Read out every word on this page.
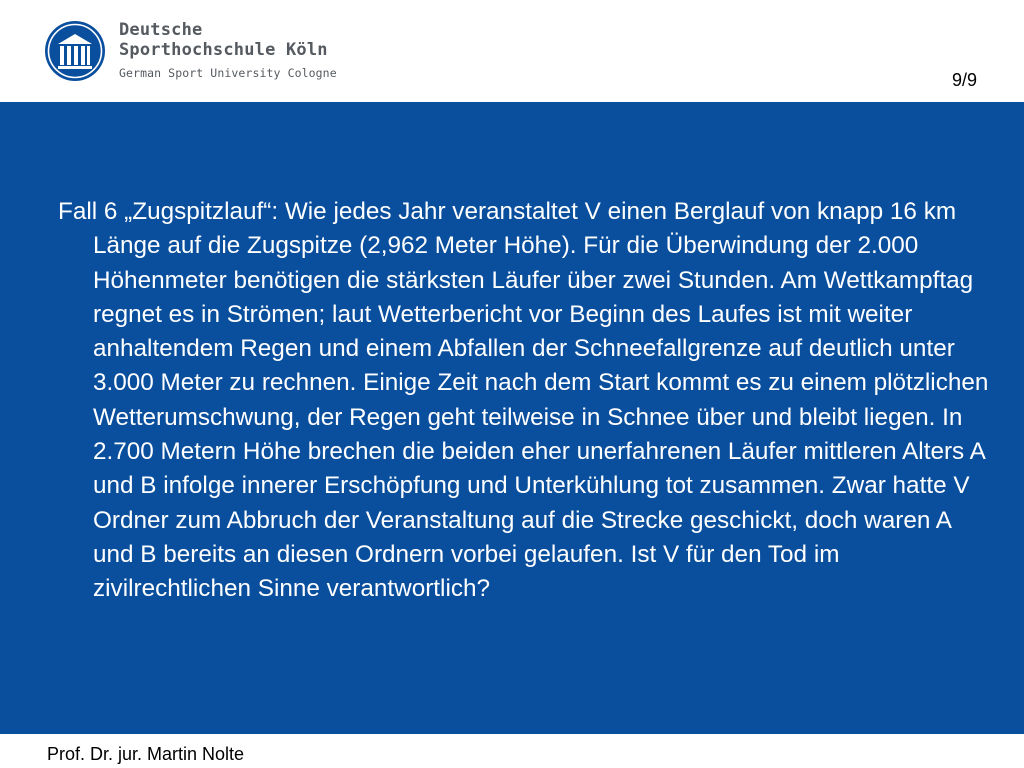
Deutsche
Sporthochschule Köln
German Sport University Cologne	9/9

Fall 6 „Zugspitzlauf“: Wie jedes Jahr veranstaltet V einen Berglauf von knapp 16 km Länge auf die Zugspitze (2,962 Meter Höhe). Für die Überwindung der 2.000 Höhenmeter benötigen die stärksten Läufer über zwei Stunden. Am Wettkampftag regnet es in Strömen; laut Wetterbericht vor Beginn des Laufes ist mit weiter anhaltendem Regen und einem Abfallen der Schneefallgrenze auf deutlich unter 3.000 Meter zu rechnen. Einige Zeit nach dem Start kommt es zu einem plötzlichen Wetterumschwung, der Regen geht teilweise in Schnee über und bleibt liegen. In 2.700 Metern Höhe brechen die beiden eher unerfahrenen Läufer mittleren Alters A und B infolge innerer Erschöpfung und Unterkühlung tot zusammen. Zwar hatte V Ordner zum Abbruch der Veranstaltung auf die Strecke geschickt, doch waren A und B bereits an diesen Ordnern vorbei gelaufen. Ist V für den Tod im zivilrechtlichen Sinne verantwortlich?

Prof. Dr. jur. Martin Nolte
